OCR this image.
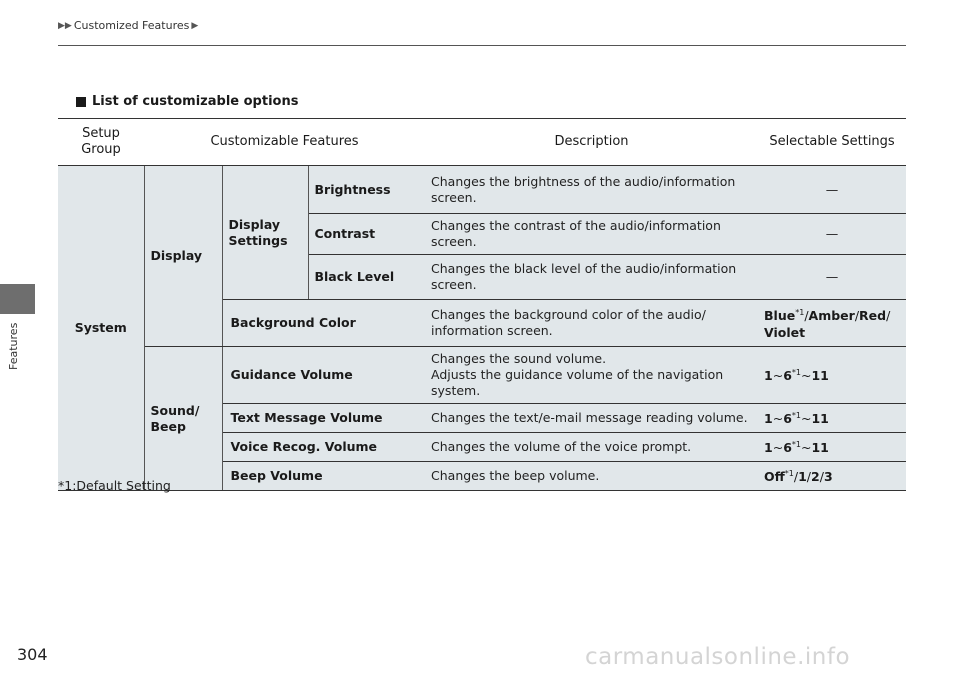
▶▶ Customized Features ▶
Features
List of customizable options
Setup Group	Customizable Features			Description	Selectable Settings
System	Display	Display Settings	Brightness	Changes the brightness of the audio/information screen.	—
			Contrast	Changes the contrast of the audio/information screen.	—
			Black Level	Changes the black level of the audio/information screen.	—
		Background Color		Changes the background color of the audio/ information screen.	Blue$^{*1}$/Amber/Red/
Violet
	Sound/ Beep	Guidance Volume		Changes the sound volume.
Adjusts the guidance volume of the navigation system.	1~6$^{*1}$~11
		Text Message Volume		Changes the text/e-mail message reading volume.	1~6$^{*1}$~11
		Voice Recog. Volume		Changes the volume of the voice prompt.	1~6$^{*1}$~11
		Beep Volume		Changes the beep volume.	Off$^{*1}$/1/2/3
*1:Default Setting
304	carmanualsonline.info
